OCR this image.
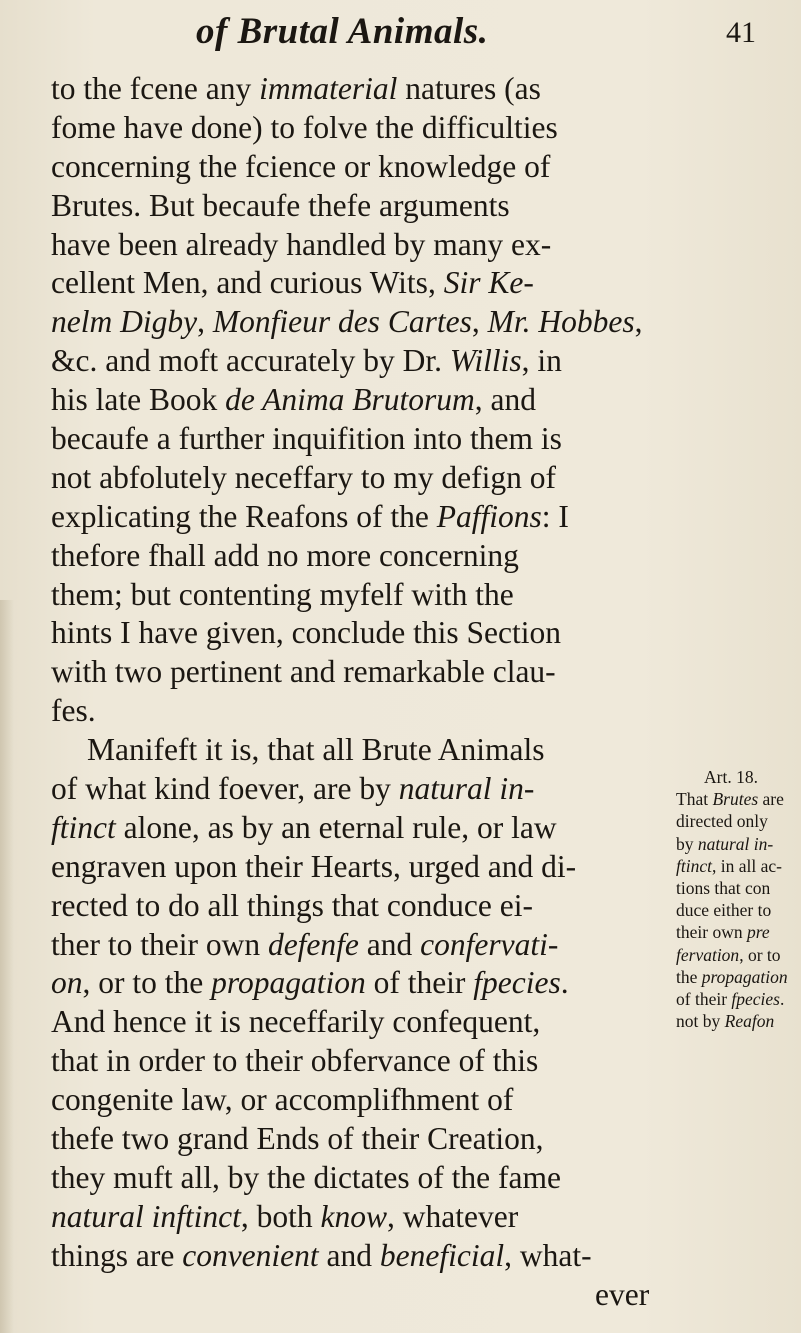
of Brutal Animals.	41
to the fcene any immaterial natures (as
fome have done) to folve the difficulties
concerning the fcience or knowledge of
Brutes. But becaufe thefe arguments
have been already handled by many ex-
cellent Men, and curious Wits, Sir Ke-
nelm Digby, Monfieur des Cartes, Mr. Hobbes,
&c. and moft accurately by Dr. Willis, in
his late Book de Anima Brutorum, and
becaufe a further inquifition into them is
not abfolutely neceffary to my defign of
explicating the Reafons of the Paffions: I
thefore fhall add no more concerning
them; but contenting myfelf with the
hints I have given, conclude this Section
with two pertinent and remarkable clau-
fes.
Manifeft it is, that all Brute Animals
of what kind foever, are by natural in-
ftinct alone, as by an eternal rule, or law
engraven upon their Hearts, urged and di-
rected to do all things that conduce ei-
ther to their own defenfe and confervati-
on, or to the propagation of their fpecies.
And hence it is neceffarily confequent,
that in order to their obfervance of this
congenite law, or accomplifhment of
thefe two grand Ends of their Creation,
they muft all, by the dictates of the fame
natural inftinct, both know, whatever
things are convenient and beneficial, what-
ever
Art. 18.
That Brutes are
directed only
by natural in-
ftinct, in all ac-
tions that con
duce either to
their own pre
fervation, or to
the propagation
of their fpecies.
not by Reafon
